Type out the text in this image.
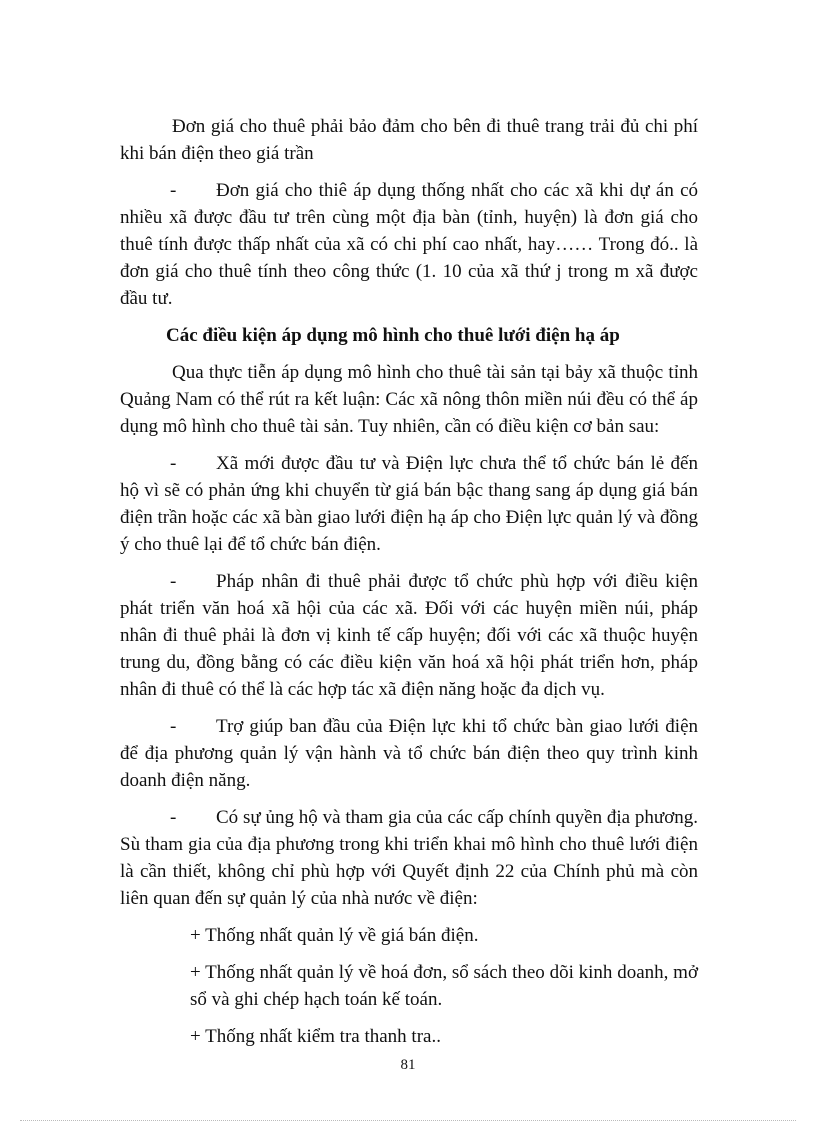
Đơn giá cho thuê phải bảo đảm cho bên đi thuê trang trải đủ chi phí khi bán điện theo giá trần

- Đơn giá cho thiê áp dụng thống nhất cho các xã khi dự án có nhiều xã được đầu tư trên cùng một địa bàn (tỉnh, huyện) là đơn giá cho thuê tính được thấp nhất của xã có chi phí cao nhất, hay…… Trong đó.. là đơn giá cho thuê tính theo công thức (1. 10 của xã thứ j trong m xã được đầu tư.

Các điều kiện áp dụng mô hình cho thuê lưới điện hạ áp

Qua thực tiễn áp dụng mô hình cho thuê tài sản tại bảy xã thuộc tỉnh Quảng Nam có thể rút ra kết luận: Các xã nông thôn miền núi đều có thể áp dụng mô hình cho thuê tài sản. Tuy nhiên, cần có điều kiện cơ bản sau:

- Xã mới được đầu tư và Điện lực chưa thể tổ chức bán lẻ đến hộ vì sẽ có phản ứng khi chuyển từ giá bán bậc thang sang áp dụng giá bán điện trần hoặc các xã bàn giao lưới điện hạ áp cho Điện lực quản lý và đồng ý cho thuê lại để tổ chức bán điện.

- Pháp nhân đi thuê phải được tổ chức phù hợp với điều kiện phát triển văn hoá xã hội của các xã. Đối với các huyện miền núi, pháp nhân đi thuê phải là đơn vị kinh tế cấp huyện; đối với các xã thuộc huyện trung du, đồng bằng có các điều kiện văn hoá xã hội phát triển hơn, pháp nhân đi thuê có thể là các hợp tác xã điện năng hoặc đa dịch vụ.

- Trợ giúp ban đầu của Điện lực khi tổ chức bàn giao lưới điện để địa phương quản lý vận hành và tổ chức bán điện theo quy trình kinh doanh điện năng.

- Có sự ủng hộ và tham gia của các cấp chính quyền địa phương. Sù tham gia của địa phương trong khi triển khai mô hình cho thuê lưới điện là cần thiết, không chỉ phù hợp với Quyết định 22 của Chính phủ mà còn liên quan đến sự quản lý của nhà nước về điện:

+ Thống nhất quản lý về giá bán điện.

+ Thống nhất quản lý về hoá đơn, sổ sách theo dõi kinh doanh, mở sổ và ghi chép hạch toán kế toán.

+ Thống nhất kiểm tra thanh tra..

81
